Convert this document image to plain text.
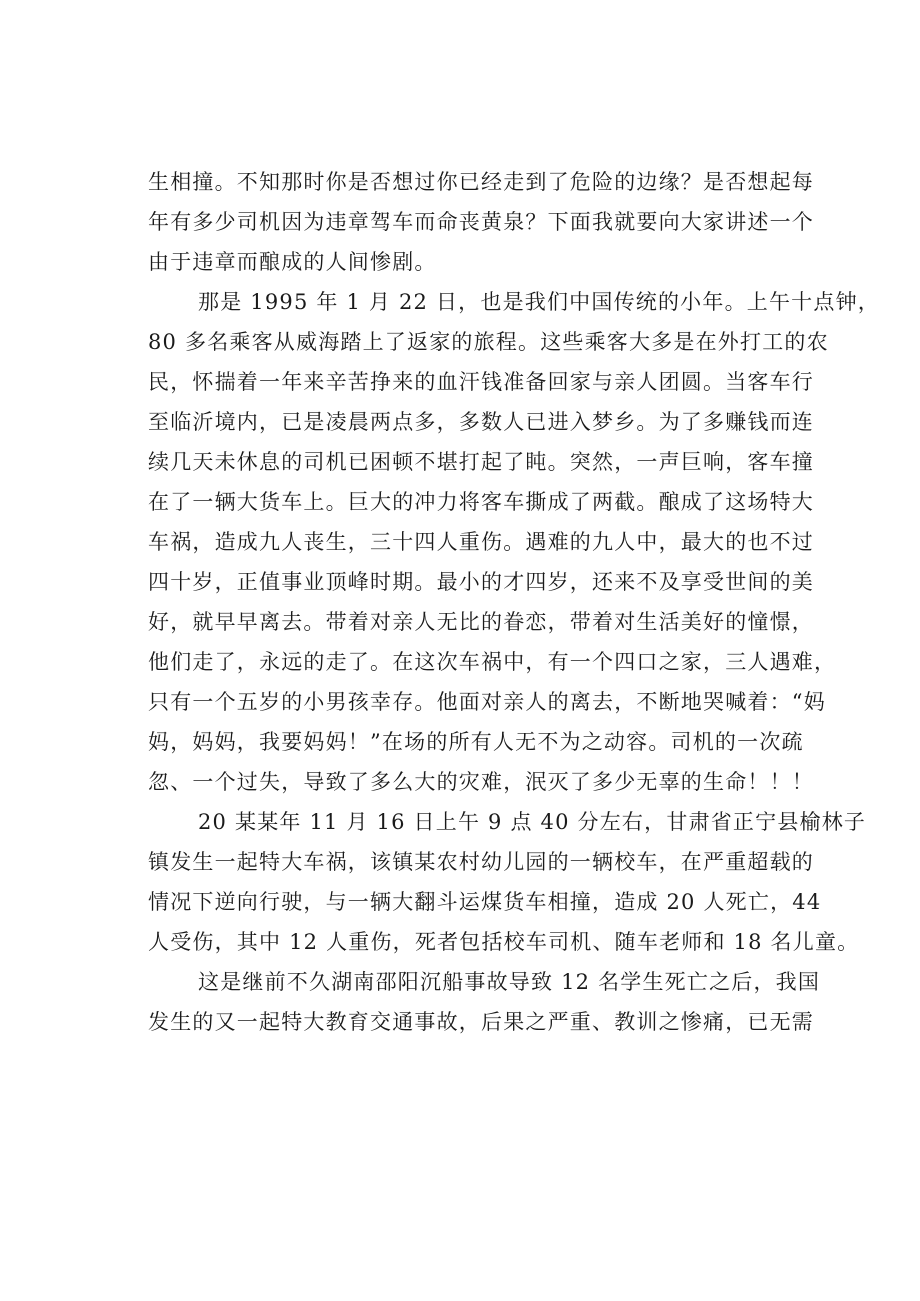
生相撞。不知那时你是否想过你已经走到了危险的边缘？是否想起每
年有多少司机因为违章驾车而命丧黄泉？下面我就要向大家讲述一个
由于违章而酿成的人间惨剧。
那是 1995 年 1 月 22 日，也是我们中国传统的小年。上午十点钟，
80 多名乘客从威海踏上了返家的旅程。这些乘客大多是在外打工的农
民，怀揣着一年来辛苦挣来的血汗钱准备回家与亲人团圆。当客车行
至临沂境内，已是凌晨两点多，多数人已进入梦乡。为了多赚钱而连
续几天未休息的司机已困顿不堪打起了盹。突然，一声巨响，客车撞
在了一辆大货车上。巨大的冲力将客车撕成了两截。酿成了这场特大
车祸，造成九人丧生，三十四人重伤。遇难的九人中，最大的也不过
四十岁，正值事业顶峰时期。最小的才四岁，还来不及享受世间的美
好，就早早离去。带着对亲人无比的眷恋，带着对生活美好的憧憬，
他们走了，永远的走了。在这次车祸中，有一个四口之家，三人遇难，
只有一个五岁的小男孩幸存。他面对亲人的离去，不断地哭喊着：“妈
妈，妈妈，我要妈妈！”在场的所有人无不为之动容。司机的一次疏
忽、一个过失，导致了多么大的灾难，泯灭了多少无辜的生命！！！
20 某某年 11 月 16 日上午 9 点 40 分左右，甘肃省正宁县榆林子
镇发生一起特大车祸，该镇某农村幼儿园的一辆校车，在严重超载的
情况下逆向行驶，与一辆大翻斗运煤货车相撞，造成 20 人死亡，44
人受伤，其中 12 人重伤，死者包括校车司机、随车老师和 18 名儿童。
这是继前不久湖南邵阳沉船事故导致 12 名学生死亡之后，我国
发生的又一起特大教育交通事故，后果之严重、教训之惨痛，已无需
